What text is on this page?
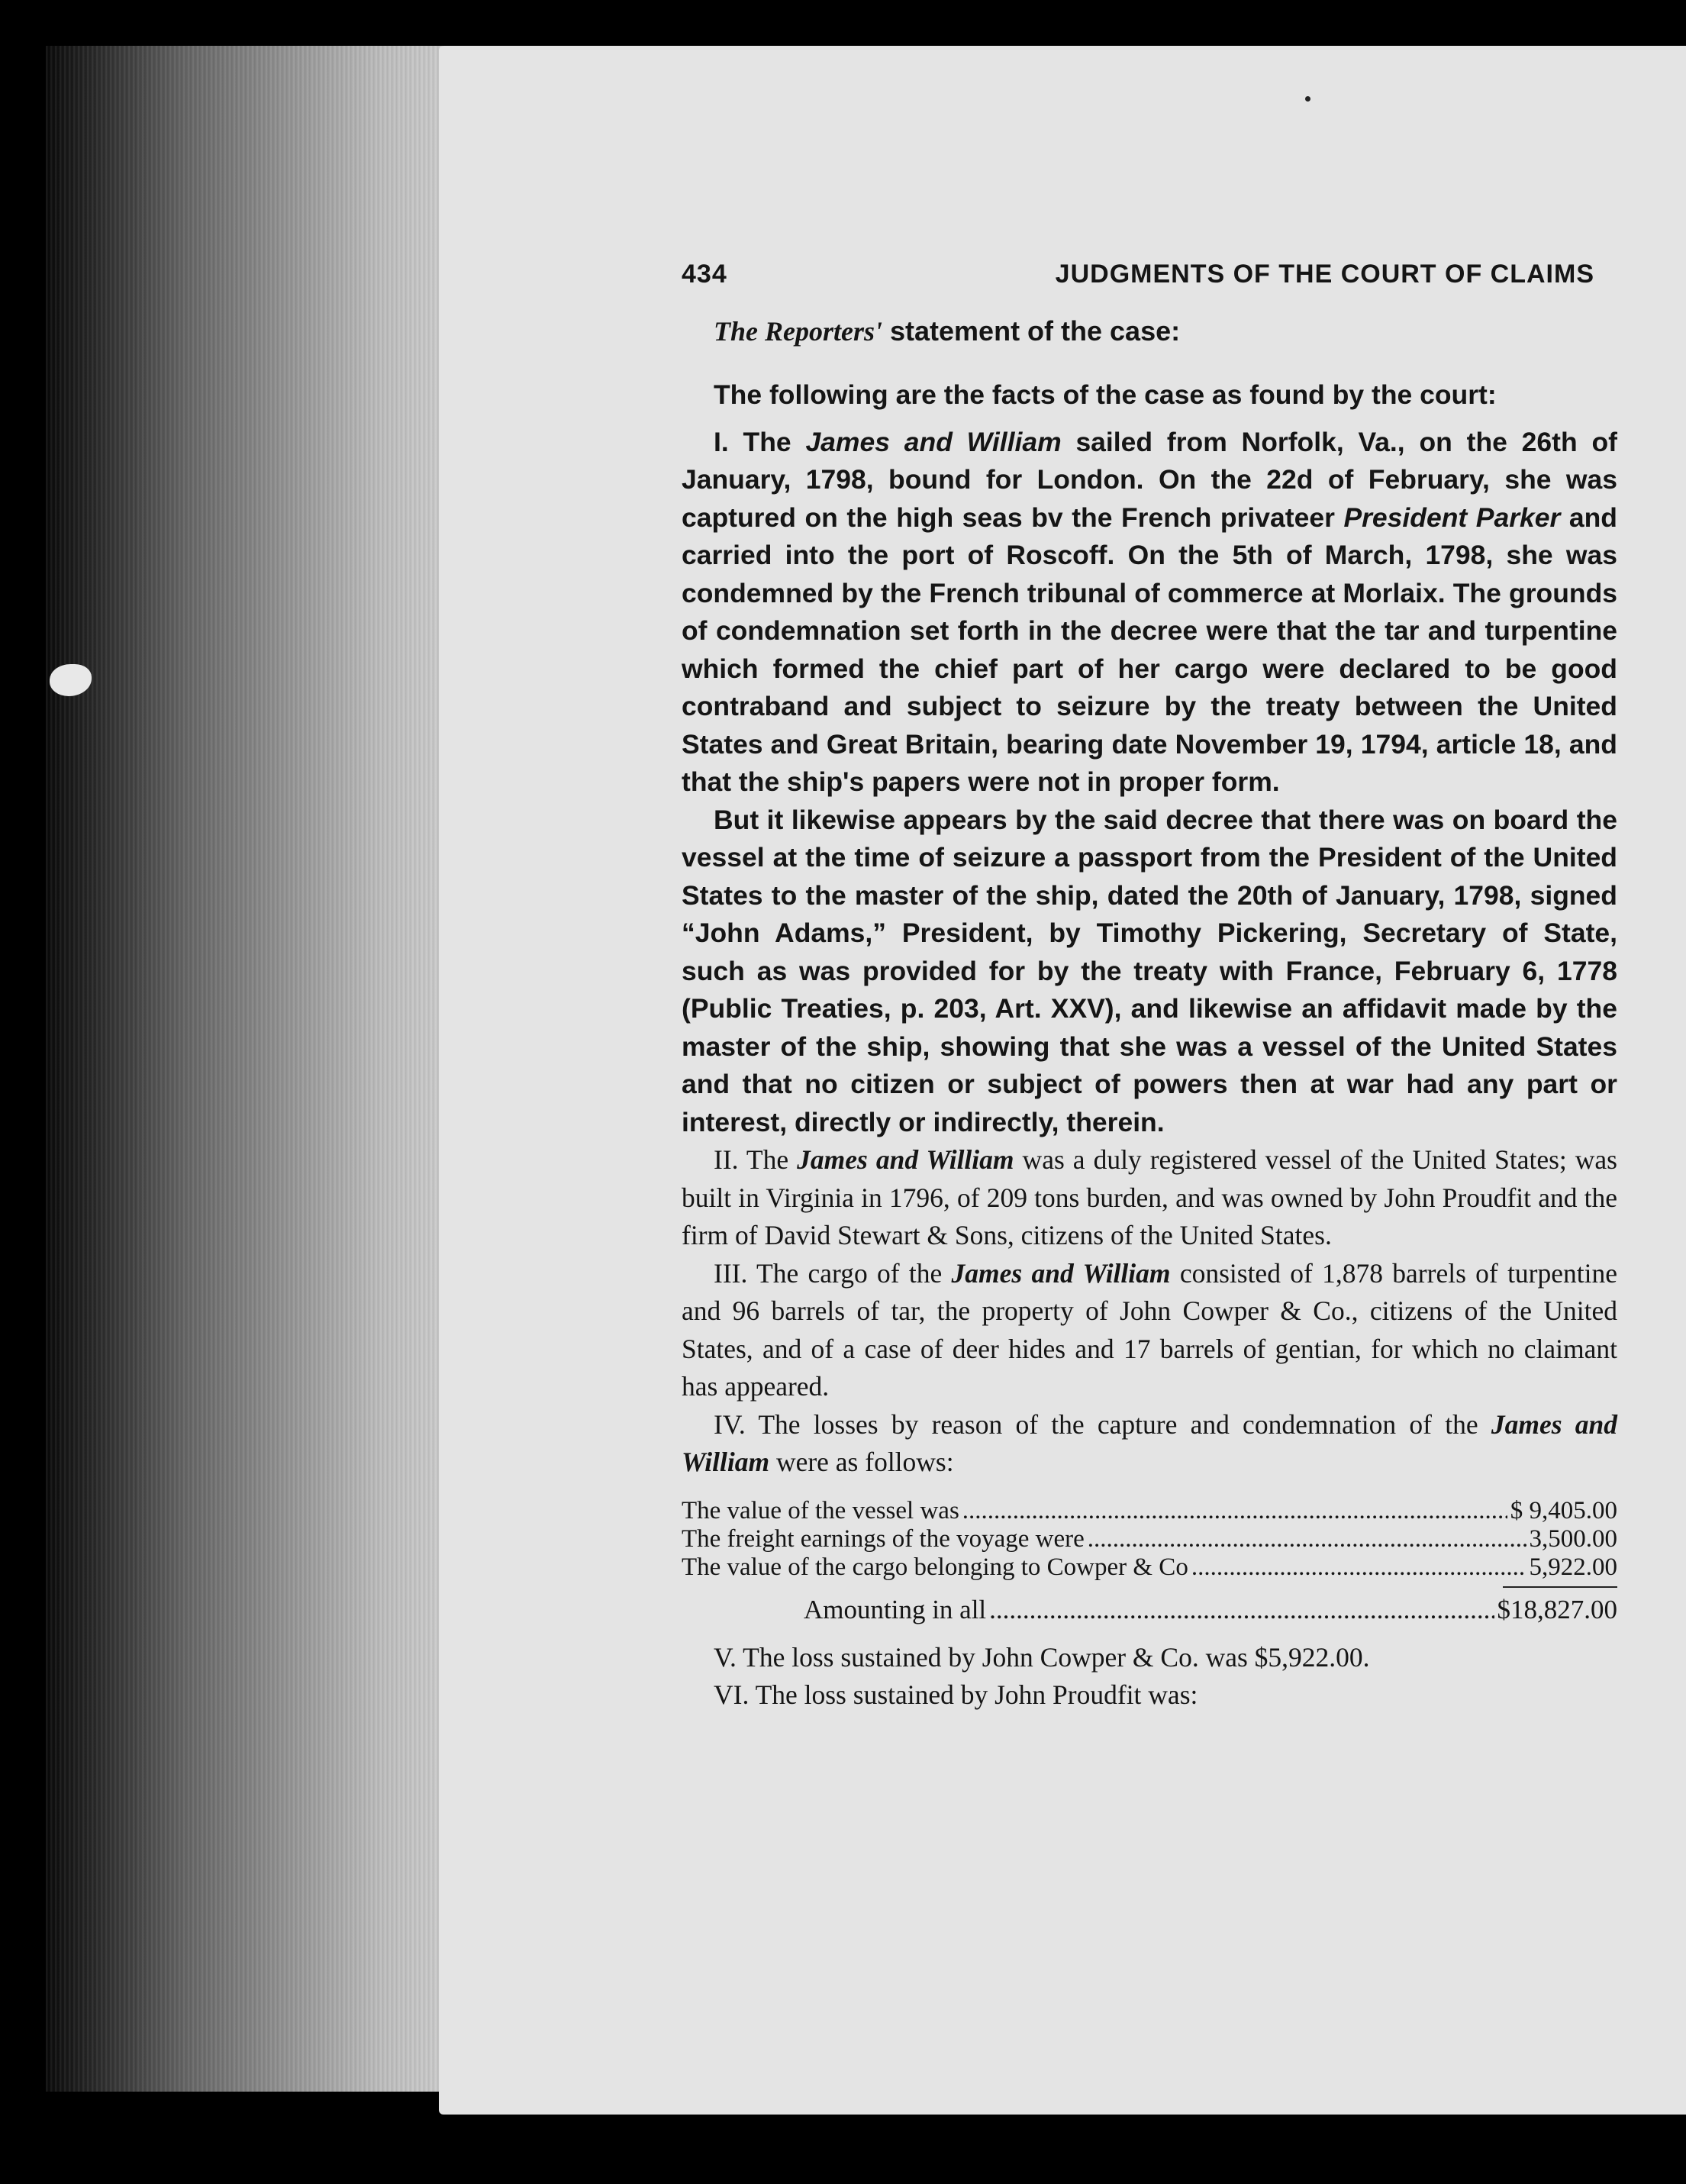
434	JUDGMENTS OF THE COURT OF CLAIMS
The Reporters' statement of the case:

The following are the facts of the case as found by the court:

I. The James and William sailed from Norfolk, Va., on the 26th of January, 1798, bound for London. On the 22d of February, she was captured on the high seas bv the French privateer President Parker and carried into the port of Roscoff. On the 5th of March, 1798, she was condemned by the French tribunal of commerce at Morlaix. The grounds of condemnation set forth in the decree were that the tar and turpentine which formed the chief part of her cargo were declared to be good contraband and subject to seizure by the treaty between the United States and Great Britain, bearing date November 19, 1794, article 18, and that the ship's papers were not in proper form.

But it likewise appears by the said decree that there was on board the vessel at the time of seizure a passport from the President of the United States to the master of the ship, dated the 20th of January, 1798, signed “John Adams,” President, by Timothy Pickering, Secretary of State, such as was provided for by the treaty with France, February 6, 1778 (Public Treaties, p. 203, Art. XXV), and likewise an affidavit made by the master of the ship, showing that she was a vessel of the United States and that no citizen or subject of powers then at war had any part or interest, directly or indirectly, therein.

II. The James and William was a duly registered vessel of the United States; was built in Virginia in 1796, of 209 tons burden, and was owned by John Proudfit and the firm of David Stewart & Sons, citizens of the United States.

III. The cargo of the James and William consisted of 1,878 barrels of turpentine and 96 barrels of tar, the property of John Cowper & Co., citizens of the United States, and of a case of deer hides and 17 barrels of gentian, for which no claimant has appeared.

IV. The losses by reason of the capture and condemnation of the James and William were as follows:

The value of the vessel was .....	$ 9,405.00
The freight earnings of the voyage were .....	3,500.00
The value of the cargo belonging to Cowper & Co .....	5,922.00
Amounting in all .....	$18,827.00

V. The loss sustained by John Cowper & Co. was $5,922.00.

VI. The loss sustained by John Proudfit was:
